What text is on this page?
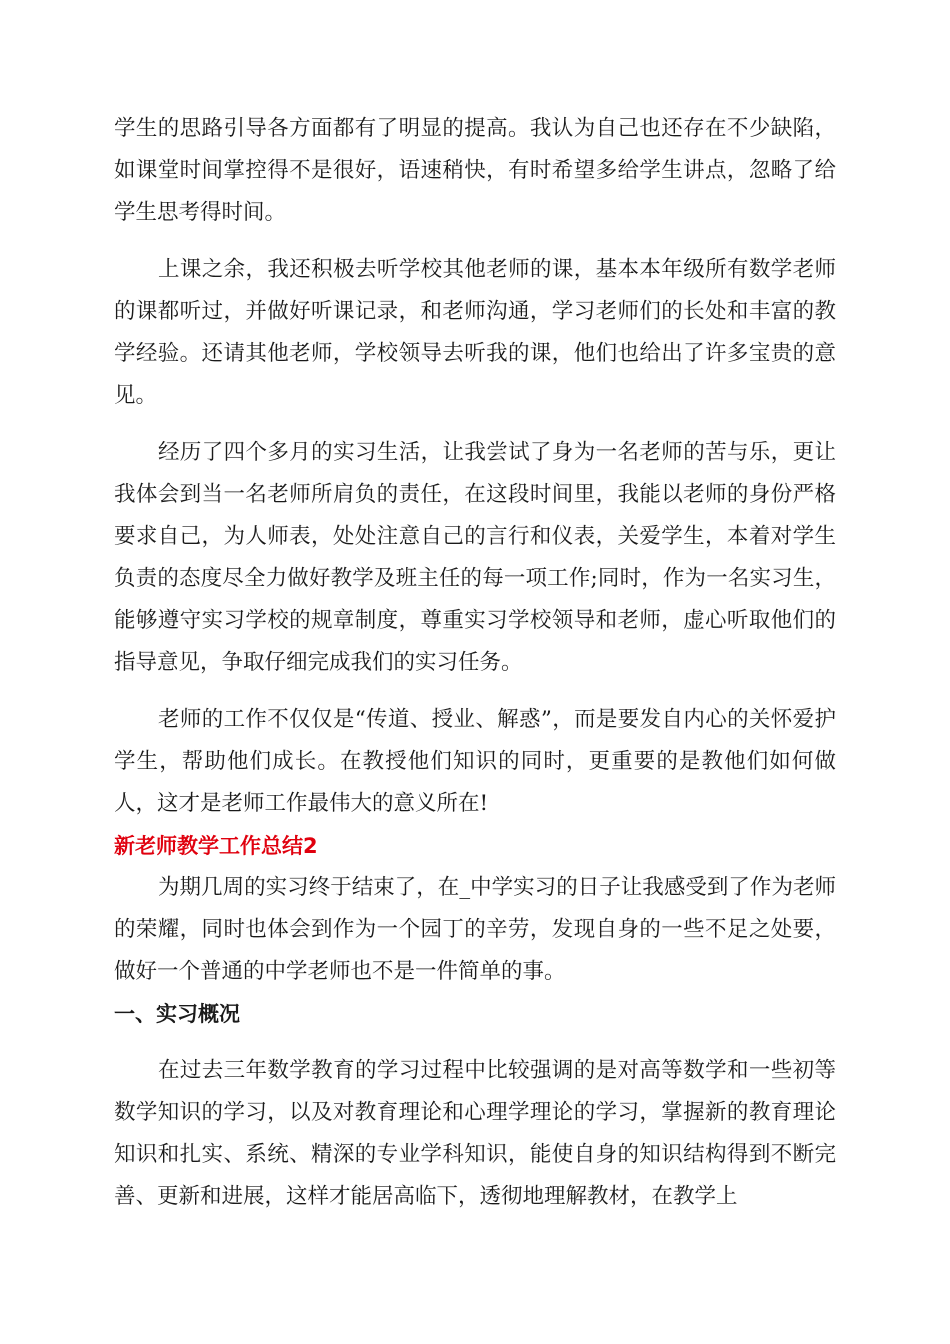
学生的思路引导各方面都有了明显的提高。我认为自己也还存在不少缺陷，如课堂时间掌控得不是很好，语速稍快，有时希望多给学生讲点，忽略了给学生思考得时间。

上课之余，我还积极去听学校其他老师的课，基本本年级所有数学老师的课都听过，并做好听课记录，和老师沟通，学习老师们的长处和丰富的教学经验。还请其他老师，学校领导去听我的课，他们也给出了许多宝贵的意见。

经历了四个多月的实习生活，让我尝试了身为一名老师的苦与乐，更让我体会到当一名老师所肩负的责任，在这段时间里，我能以老师的身份严格要求自己，为人师表，处处注意自己的言行和仪表，关爱学生，本着对学生负责的态度尽全力做好教学及班主任的每一项工作;同时，作为一名实习生，能够遵守实习学校的规章制度，尊重实习学校领导和老师，虚心听取他们的指导意见，争取仔细完成我们的实习任务。

老师的工作不仅仅是“传道、授业、解惑”，而是要发自内心的关怀爱护学生，帮助他们成长。在教授他们知识的同时，更重要的是教他们如何做人，这才是老师工作最伟大的意义所在!

新老师教学工作总结2

为期几周的实习终于结束了，在_中学实习的日子让我感受到了作为老师的荣耀，同时也体会到作为一个园丁的辛劳，发现自身的一些不足之处要，做好一个普通的中学老师也不是一件简单的事。

一、实习概况

在过去三年数学教育的学习过程中比较强调的是对高等数学和一些初等数学知识的学习，以及对教育理论和心理学理论的学习，掌握新的教育理论知识和扎实、系统、精深的专业学科知识，能使自身的知识结构得到不断完善、更新和进展，这样才能居高临下，透彻地理解教材，在教学上
